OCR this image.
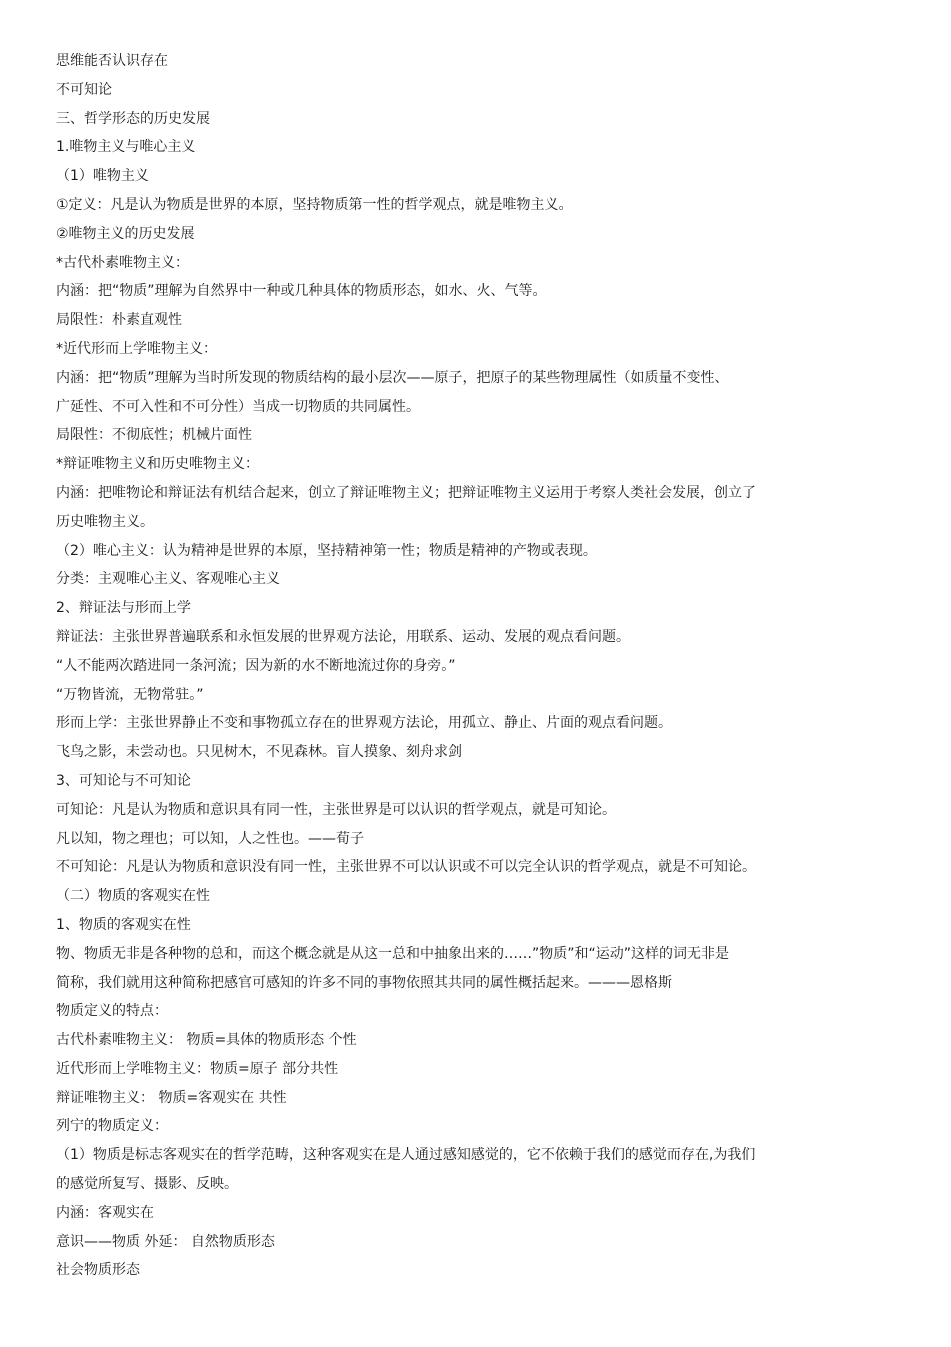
思维能否认识存在

不可知论

三、哲学形态的历史发展

1.唯物主义与唯心主义

（1）唯物主义

①定义：凡是认为物质是世界的本原，坚持物质第一性的哲学观点，就是唯物主义。

②唯物主义的历史发展

*古代朴素唯物主义：

内涵：把“物质”理解为自然界中一种或几种具体的物质形态，如水、火、气等。

局限性：朴素直观性

*近代形而上学唯物主义：

内涵：把“物质”理解为当时所发现的物质结构的最小层次——原子，把原子的某些物理属性（如质量不变性、

广延性、不可入性和不可分性）当成一切物质的共同属性。

局限性：不彻底性；机械片面性

*辩证唯物主义和历史唯物主义：

内涵：把唯物论和辩证法有机结合起来，创立了辩证唯物主义；把辩证唯物主义运用于考察人类社会发展，创立了

历史唯物主义。

（2）唯心主义：认为精神是世界的本原，坚持精神第一性；物质是精神的产物或表现。

分类：主观唯心主义、客观唯心主义

2、辩证法与形而上学

辩证法：主张世界普遍联系和永恒发展的世界观方法论，用联系、运动、发展的观点看问题。

“人不能两次踏进同一条河流；因为新的水不断地流过你的身旁。”

“万物皆流，无物常驻。”

形而上学：主张世界静止不变和事物孤立存在的世界观方法论，用孤立、静止、片面的观点看问题。

飞鸟之影，未尝动也。只见树木，不见森林。盲人摸象、刻舟求剑

3、可知论与不可知论

可知论：凡是认为物质和意识具有同一性，主张世界是可以认识的哲学观点，就是可知论。

凡以知，物之理也；可以知，人之性也。——荀子

不可知论：凡是认为物质和意识没有同一性，主张世界不可以认识或不可以完全认识的哲学观点，就是不可知论。

（二）物质的客观实在性

1、物质的客观实在性

物、物质无非是各种物的总和，而这个概念就是从这一总和中抽象出来的……”物质”和“运动”这样的词无非是

简称，我们就用这种简称把感官可感知的许多不同的事物依照其共同的属性概括起来。———恩格斯

物质定义的特点：

古代朴素唯物主义： 物质=具体的物质形态 个性

近代形而上学唯物主义：物质=原子 部分共性

辩证唯物主义： 物质=客观实在 共性

列宁的物质定义：

（1）物质是标志客观实在的哲学范畴，这种客观实在是人通过感知感觉的，它不依赖于我们的感觉而存在,为我们

的感觉所复写、摄影、反映。

内涵：客观实在

意识——物质 外延： 自然物质形态

社会物质形态
